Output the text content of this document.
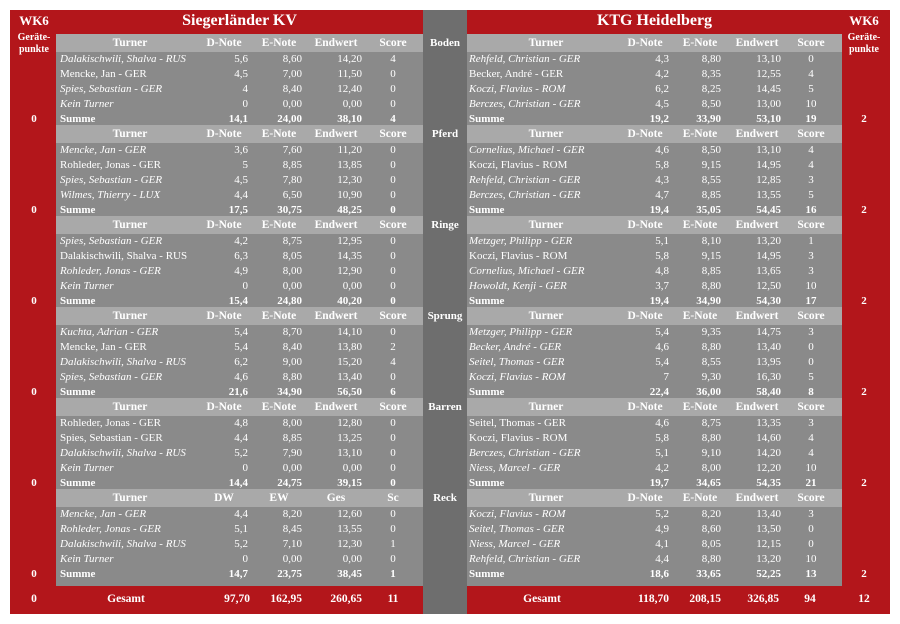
WK6
Geräte-punkte
WK6
Geräte-punkte
Siegerländer KV	KTG Heidelberg
Turner	D-Note	E-Note	Endwert	Score
Dalakischwili, Shalva - RUS	5,6	8,60	14,20	4
Mencke, Jan - GER	4,5	7,00	11,50	0
Spies, Sebastian - GER	4	8,40	12,40	0
Kein Turner	0	0,00	0,00	0
Summe	14,1	24,00	38,10	4
Turner	D-Note	E-Note	Endwert	Score
Mencke, Jan - GER	3,6	7,60	11,20	0
Rohleder, Jonas - GER	5	8,85	13,85	0
Spies, Sebastian - GER	4,5	7,80	12,30	0
Wilmes, Thierry - LUX	4,4	6,50	10,90	0
Summe	17,5	30,75	48,25	0
Turner	D-Note	E-Note	Endwert	Score
Spies, Sebastian - GER	4,2	8,75	12,95	0
Dalakischwili, Shalva - RUS	6,3	8,05	14,35	0
Rohleder, Jonas - GER	4,9	8,00	12,90	0
Kein Turner	0	0,00	0,00	0
Summe	15,4	24,80	40,20	0
Turner	D-Note	E-Note	Endwert	Score
Kuchta, Adrian - GER	5,4	8,70	14,10	0
Mencke, Jan - GER	5,4	8,40	13,80	2
Dalakischwili, Shalva - RUS	6,2	9,00	15,20	4
Spies, Sebastian - GER	4,6	8,80	13,40	0
Summe	21,6	34,90	56,50	6
Turner	D-Note	E-Note	Endwert	Score
Rohleder, Jonas - GER	4,8	8,00	12,80	0
Spies, Sebastian - GER	4,4	8,85	13,25	0
Dalakischwili, Shalva - RUS	5,2	7,90	13,10	0
Kein Turner	0	0,00	0,00	0
Summe	14,4	24,75	39,15	0
Turner	DW	EW	Ges	Sc
Mencke, Jan - GER	4,4	8,20	12,60	0
Rohleder, Jonas - GER	5,1	8,45	13,55	0
Dalakischwili, Shalva - RUS	5,2	7,10	12,30	1
Kein Turner	0	0,00	0,00	0
Summe	14,7	23,75	38,45	1
Turner	D-Note	E-Note	Endwert	Score
Rehfeld, Christian - GER	4,3	8,80	13,10	0
Becker, André - GER	4,2	8,35	12,55	4
Koczi, Flavius - ROM	6,2	8,25	14,45	5
Berczes, Christian - GER	4,5	8,50	13,00	10
Summe	19,2	33,90	53,10	19
Turner	D-Note	E-Note	Endwert	Score
Cornelius, Michael - GER	4,6	8,50	13,10	4
Koczi, Flavius - ROM	5,8	9,15	14,95	4
Rehfeld, Christian - GER	4,3	8,55	12,85	3
Berczes, Christian - GER	4,7	8,85	13,55	5
Summe	19,4	35,05	54,45	16
Turner	D-Note	E-Note	Endwert	Score
Metzger, Philipp - GER	5,1	8,10	13,20	1
Koczi, Flavius - ROM	5,8	9,15	14,95	3
Cornelius, Michael - GER	4,8	8,85	13,65	3
Howoldt, Kenji - GER	3,7	8,80	12,50	10
Summe	19,4	34,90	54,30	17
Turner	D-Note	E-Note	Endwert	Score
Metzger, Philipp - GER	5,4	9,35	14,75	3
Becker, André - GER	4,6	8,80	13,40	0
Seitel, Thomas - GER	5,4	8,55	13,95	0
Koczi, Flavius - ROM	7	9,30	16,30	5
Summe	22,4	36,00	58,40	8
Turner	D-Note	E-Note	Endwert	Score
Seitel, Thomas - GER	4,6	8,75	13,35	3
Koczi, Flavius - ROM	5,8	8,80	14,60	4
Berczes, Christian - GER	5,1	9,10	14,20	4
Niess, Marcel - GER	4,2	8,00	12,20	10
Summe	19,7	34,65	54,35	21
Turner	D-Note	E-Note	Endwert	Score
Koczi, Flavius - ROM	5,2	8,20	13,40	3
Seitel, Thomas - GER	4,9	8,60	13,50	0
Niess, Marcel - GER	4,1	8,05	12,15	0
Rehfeld, Christian - GER	4,4	8,80	13,20	10
Summe	18,6	33,65	52,25	13
Boden
Pferd
Ringe
Sprung
Barren
Reck
0
0
0
0
0
0
2
2
2
2
2
2
0	Gesamt	97,70	162,95	260,65	11	Gesamt	118,70	208,15	326,85	94	12
